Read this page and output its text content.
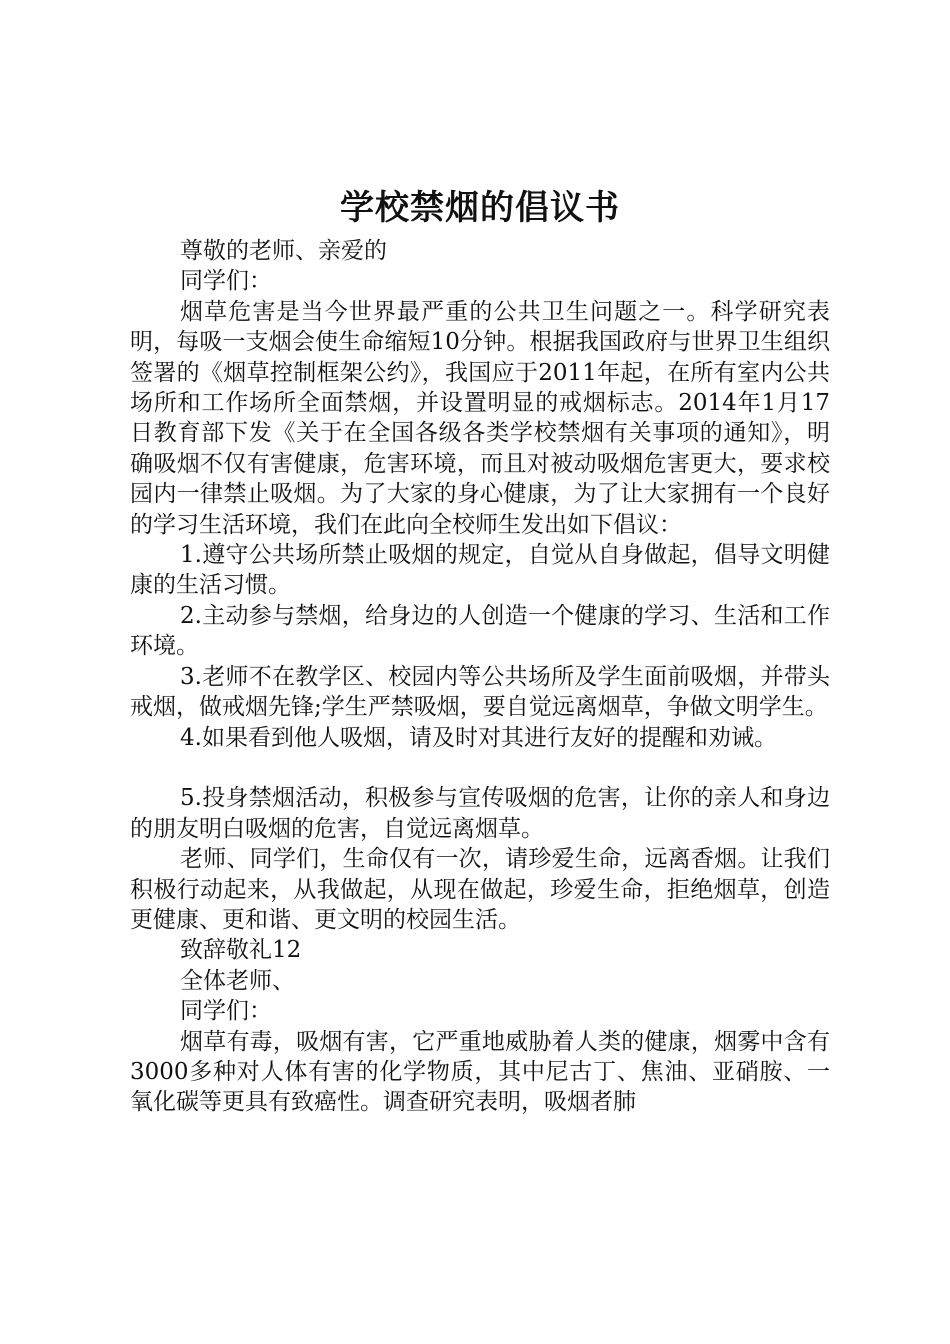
学校禁烟的倡议书

尊敬的老师、亲爱的

同学们：

烟草危害是当今世界最严重的公共卫生问题之一。科学研究表明，每吸一支烟会使生命缩短10分钟。根据我国政府与世界卫生组织签署的《烟草控制框架公约》，我国应于2011年起，在所有室内公共场所和工作场所全面禁烟，并设置明显的戒烟标志。2014年1月17日教育部下发《关于在全国各级各类学校禁烟有关事项的通知》，明确吸烟不仅有害健康，危害环境，而且对被动吸烟危害更大，要求校园内一律禁止吸烟。为了大家的身心健康，为了让大家拥有一个良好的学习生活环境，我们在此向全校师生发出如下倡议：

1.遵守公共场所禁止吸烟的规定，自觉从自身做起，倡导文明健康的生活习惯。

2.主动参与禁烟，给身边的人创造一个健康的学习、生活和工作环境。

3.老师不在教学区、校园内等公共场所及学生面前吸烟，并带头戒烟，做戒烟先锋;学生严禁吸烟，要自觉远离烟草，争做文明学生。

4.如果看到他人吸烟，请及时对其进行友好的提醒和劝诫。

5.投身禁烟活动，积极参与宣传吸烟的危害，让你的亲人和身边的朋友明白吸烟的危害，自觉远离烟草。

老师、同学们，生命仅有一次，请珍爱生命，远离香烟。让我们积极行动起来，从我做起，从现在做起，珍爱生命，拒绝烟草，创造更健康、更和谐、更文明的校园生活。

致辞敬礼12

全体老师、

同学们：

烟草有毒，吸烟有害，它严重地威胁着人类的健康，烟雾中含有3000多种对人体有害的化学物质，其中尼古丁、焦油、亚硝胺、一氧化碳等更具有致癌性。调查研究表明，吸烟者肺
